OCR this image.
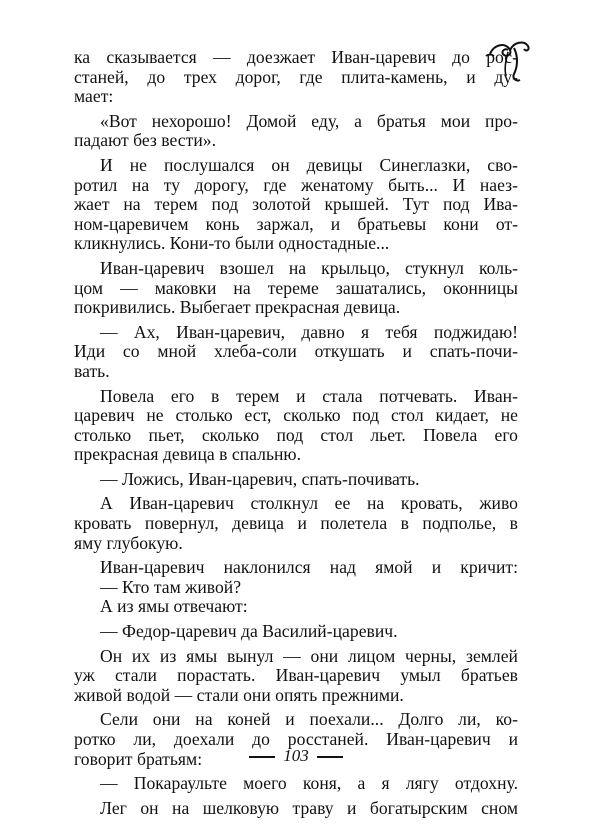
ка сказывается — доезжает Иван-царевич до рос-
станей, до трех дорог, где плита-камень, и ду-
мает:
«Вот нехорошо! Домой еду, а братья мои про-
падают без вести».
И не послушался он девицы Синеглазки, сво-
ротил на ту дорогу, где женатому быть... И наез-
жает на терем под золотой крышей. Тут под Ива-
ном-царевичем конь заржал, и братьевы кони от-
кликнулись. Кони-то были одностадные...
Иван-царевич взошел на крыльцо, стукнул коль-
цом — маковки на тереме зашатались, оконницы
покривились. Выбегает прекрасная девица.
— Ах, Иван-царевич, давно я тебя поджидаю!
Иди со мной хлеба-соли откушать и спать-почи-
вать.
Повела его в терем и стала потчевать. Иван-
царевич не столько ест, сколько под стол кидает, не
столько пьет, сколько под стол льет. Повела его
прекрасная девица в спальню.
— Ложись, Иван-царевич, спать-почивать.
А Иван-царевич столкнул ее на кровать, живо
кровать повернул, девица и полетела в подполье, в
яму глубокую.
Иван-царевич наклонился над ямой и кричит:
— Кто там живой?
А из ямы отвечают:
— Федор-царевич да Василий-царевич.
Он их из ямы вынул — они лицом черны, землей
уж стали порастать. Иван-царевич умыл братьев
живой водой — стали они опять прежними.
Сели они на коней и поехали... Долго ли, ко-
ротко ли, доехали до росстаней. Иван-царевич и
говорит братьям:
— Покараульте моего коня, а я лягу отдохну.
Лег он на шелковую траву и богатырским сном
103
